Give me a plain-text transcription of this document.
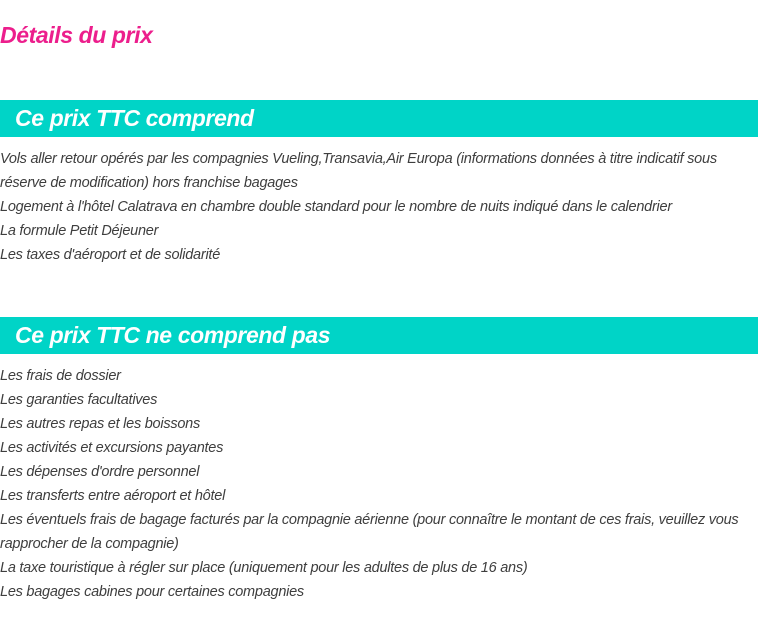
Détails du prix
Ce prix TTC comprend
Vols aller retour opérés par les compagnies Vueling,Transavia,Air Europa (informations données à titre indicatif sous réserve de modification) hors franchise bagages
Logement à l'hôtel Calatrava en chambre double standard pour le nombre de nuits indiqué dans le calendrier
La formule Petit Déjeuner
Les taxes d'aéroport et de solidarité
Ce prix TTC ne comprend pas
Les frais de dossier
Les garanties facultatives
Les autres repas et les boissons
Les activités et excursions payantes
Les dépenses d'ordre personnel
Les transferts entre aéroport et hôtel
Les éventuels frais de bagage facturés par la compagnie aérienne (pour connaître le montant de ces frais, veuillez vous rapprocher de la compagnie)
La taxe touristique à régler sur place (uniquement pour les adultes de plus de 16 ans)
Les bagages cabines pour certaines compagnies
